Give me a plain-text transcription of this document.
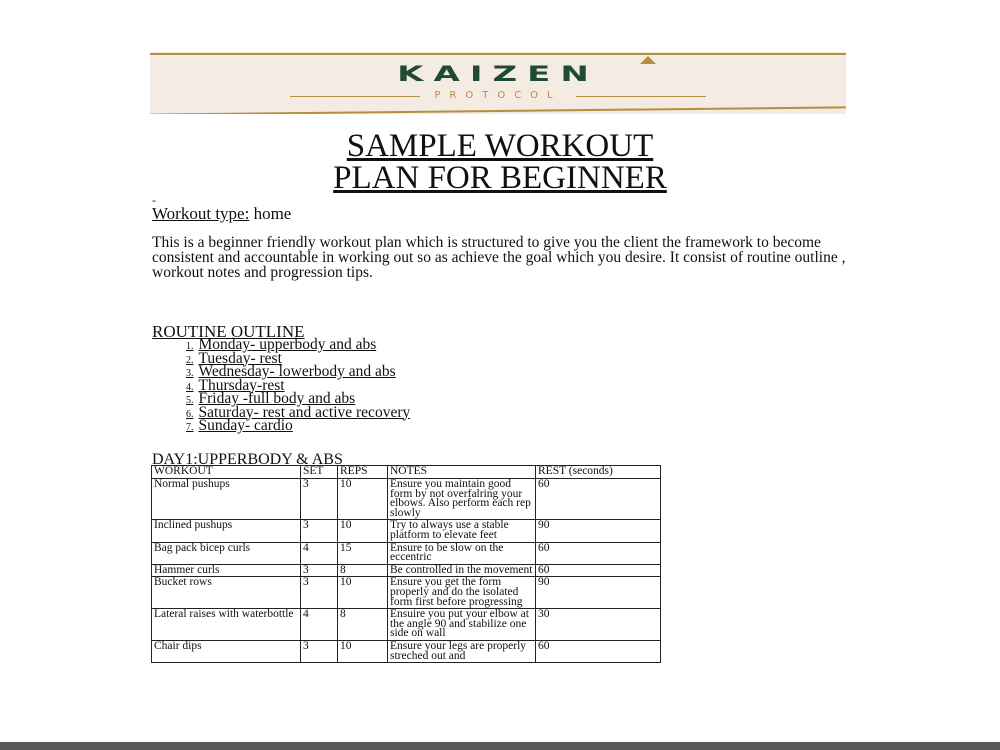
KAIZEN
PROTOCOL
SAMPLE WORKOUT
PLAN FOR BEGINNER
-
Workout type: home

This is a beginner friendly workout plan which is structured to give you the client the framework to become consistent and accountable in working out so as achieve the goal which you desire. It consist of routine outline , workout notes and progression tips.

ROUTINE OUTLINE
1. Monday- upperbody and abs
2. Tuesday- rest
3. Wednesday- lowerbody and abs
4. Thursday-rest
5. Friday -full body and abs
6. Saturday- rest and active recovery
7. Sunday- cardio
DAY1:UPPERBODY & ABS
WORKOUT	SET	REPS	NOTES	REST (seconds)
Normal pushups	3	10	Ensure you maintain good form by not overfalring your elbows. Also perform each rep slowly	60
Inclined pushups	3	10	Try to always use a stable platform to elevate feet	90
Bag pack bicep curls	4	15	Ensure to be slow on the eccentric	60
Hammer curls	3	8	Be controlled in the movement	60
Bucket rows	3	10	Ensure you get the form properly and do the isolated form first before progressing	90
Lateral raises with waterbottle	4	8	Ensuire you put your elbow at the angle 90 and stabilize one side on wall	30
Chair dips	3	10	Ensure your legs are properly streched out and	60
